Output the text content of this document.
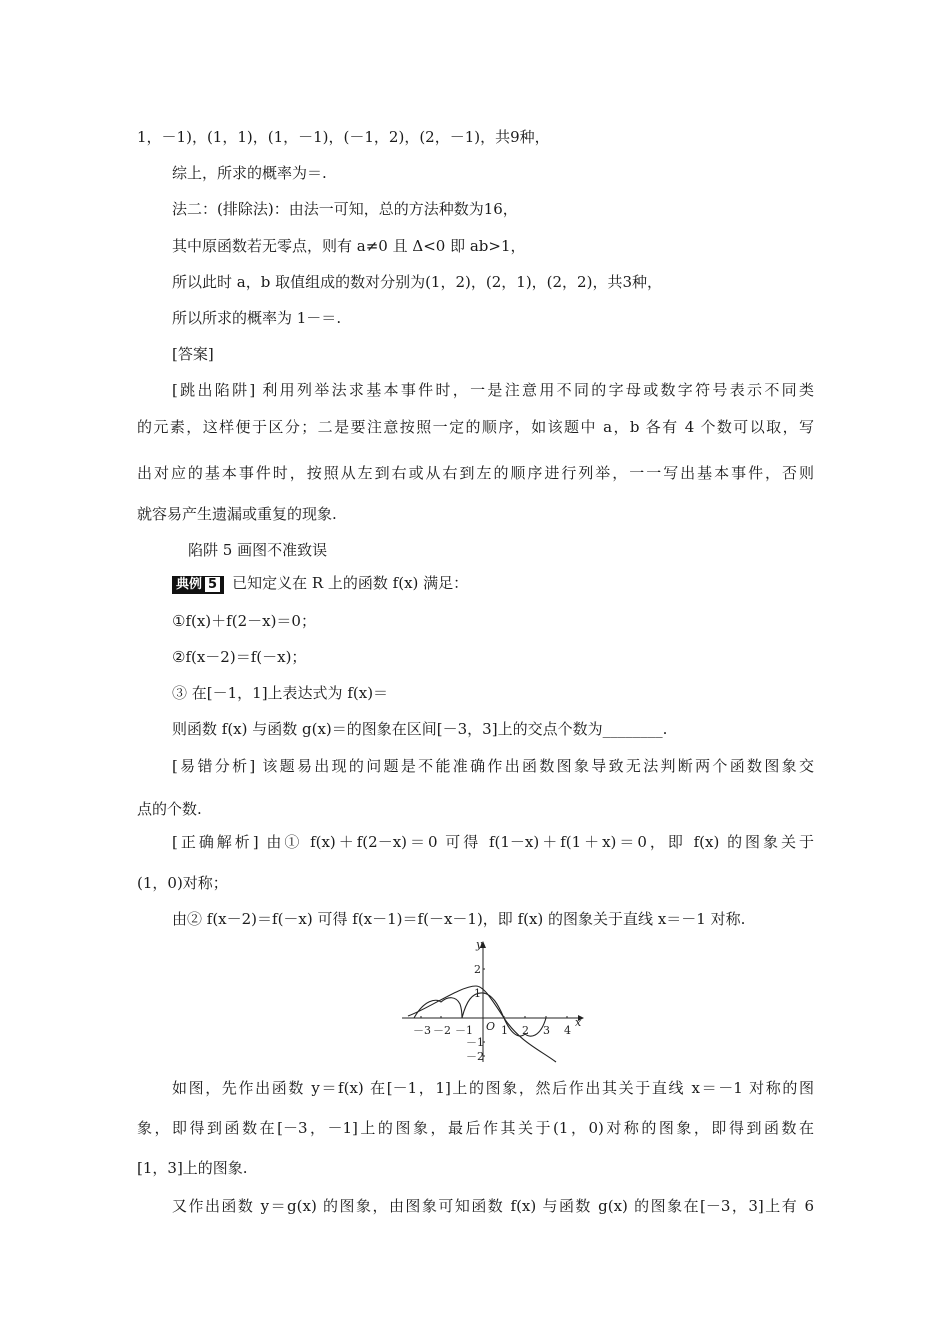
1，－1)，(1，1)，(1，－1)，(－1，2)，(2，－1)，共9种，
综上，所求的概率为＝.
法二：(排除法)：由法一可知，总的方法种数为16，
其中原函数若无零点，则有 a≠0 且 Δ<0 即 ab>1，
所以此时 a，b 取值组成的数对分别为(1，2)，(2，1)，(2，2)，共3种，
所以所求的概率为 1－＝.
[答案]
[跳出陷阱] 利用列举法求基本事件时，一是注意用不同的字母或数字符号表示不同类
的元素，这样便于区分；二是要注意按照一定的顺序，如该题中 a，b 各有 4 个数可以取，写
出对应的基本事件时，按照从左到右或从右到左的顺序进行列举，一一写出基本事件，否则
就容易产生遗漏或重复的现象.
陷阱 5 画图不准致误
典例 5 已知定义在 R 上的函数 f(x) 满足：
①f(x)＋f(2－x)＝0；
②f(x－2)＝f(－x)；
③ 在[－1，1]上表达式为 f(x)＝
则函数 f(x) 与函数 g(x)＝的图象在区间[－3，3]上的交点个数为________.
[易错分析] 该题易出现的问题是不能准确作出函数图象导致无法判断两个函数图象交
点的个数.
[正确解析] 由① f(x)＋f(2－x)＝0 可得 f(1－x)＋f(1＋x)＝0，即 f(x) 的图象关于
(1，0)对称；
由② f(x－2)＝f(－x) 可得 f(x－1)＝f(－x－1)，即 f(x) 的图象关于直线 x＝－1 对称.
y
x
O
－3 －2 －1	1 2 3 4
2
1
－1
－2
如图，先作出函数 y＝f(x) 在[－1，1]上的图象，然后作出其关于直线 x＝－1 对称的图
象，即得到函数在[－3，－1]上的图象，最后作其关于(1，0)对称的图象，即得到函数在
[1，3]上的图象.
又作出函数 y＝g(x) 的图象，由图象可知函数 f(x) 与函数 g(x) 的图象在[－3，3]上有 6
